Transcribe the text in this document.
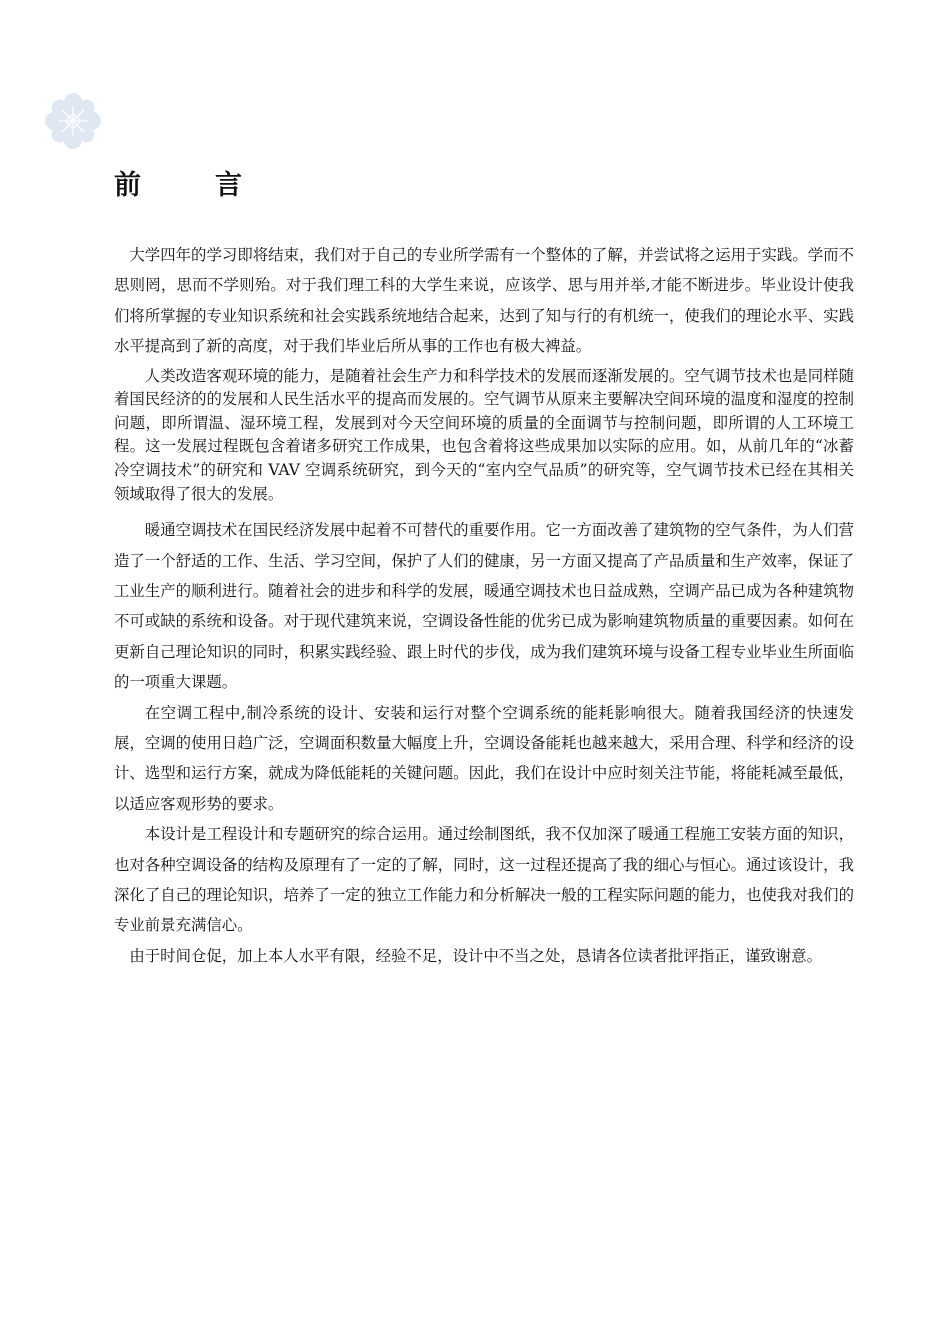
前	言

大学四年的学习即将结束，我们对于自己的专业所学需有一个整体的了解，并尝试将之运用于实践。学而不思则罔，思而不学则殆。对于我们理工科的大学生来说，应该学、思与用并举,才能不断进步。毕业设计使我们将所掌握的专业知识系统和社会实践系统地结合起来，达到了知与行的有机统一，使我们的理论水平、实践水平提高到了新的高度，对于我们毕业后所从事的工作也有极大裨益。

人类改造客观环境的能力，是随着社会生产力和科学技术的发展而逐渐发展的。空气调节技术也是同样随着国民经济的的发展和人民生活水平的提高而发展的。空气调节从原来主要解决空间环境的温度和湿度的控制问题，即所谓温、湿环境工程，发展到对今天空间环境的质量的全面调节与控制问题，即所谓的人工环境工程。这一发展过程既包含着诸多研究工作成果，也包含着将这些成果加以实际的应用。如，从前几年的“冰蓄冷空调技术”的研究和 VAV 空调系统研究，到今天的“室内空气品质”的研究等，空气调节技术已经在其相关领域取得了很大的发展。

暖通空调技术在国民经济发展中起着不可替代的重要作用。它一方面改善了建筑物的空气条件，为人们营造了一个舒适的工作、生活、学习空间，保护了人们的健康，另一方面又提高了产品质量和生产效率，保证了工业生产的顺利进行。随着社会的进步和科学的发展，暖通空调技术也日益成熟，空调产品已成为各种建筑物不可或缺的系统和设备。对于现代建筑来说，空调设备性能的优劣已成为影响建筑物质量的重要因素。如何在更新自己理论知识的同时，积累实践经验、跟上时代的步伐，成为我们建筑环境与设备工程专业毕业生所面临的一项重大课题。

在空调工程中,制冷系统的设计、安装和运行对整个空调系统的能耗影响很大。随着我国经济的快速发展，空调的使用日趋广泛，空调面积数量大幅度上升，空调设备能耗也越来越大，采用合理、科学和经济的设计、选型和运行方案，就成为降低能耗的关键问题。因此，我们在设计中应时刻关注节能，将能耗减至最低，以适应客观形势的要求。

本设计是工程设计和专题研究的综合运用。通过绘制图纸，我不仅加深了暖通工程施工安装方面的知识，也对各种空调设备的结构及原理有了一定的了解，同时，这一过程还提高了我的细心与恒心。通过该设计，我深化了自己的理论知识，培养了一定的独立工作能力和分析解决一般的工程实际问题的能力，也使我对我们的专业前景充满信心。

由于时间仓促，加上本人水平有限，经验不足，设计中不当之处，恳请各位读者批评指正，谨致谢意。
